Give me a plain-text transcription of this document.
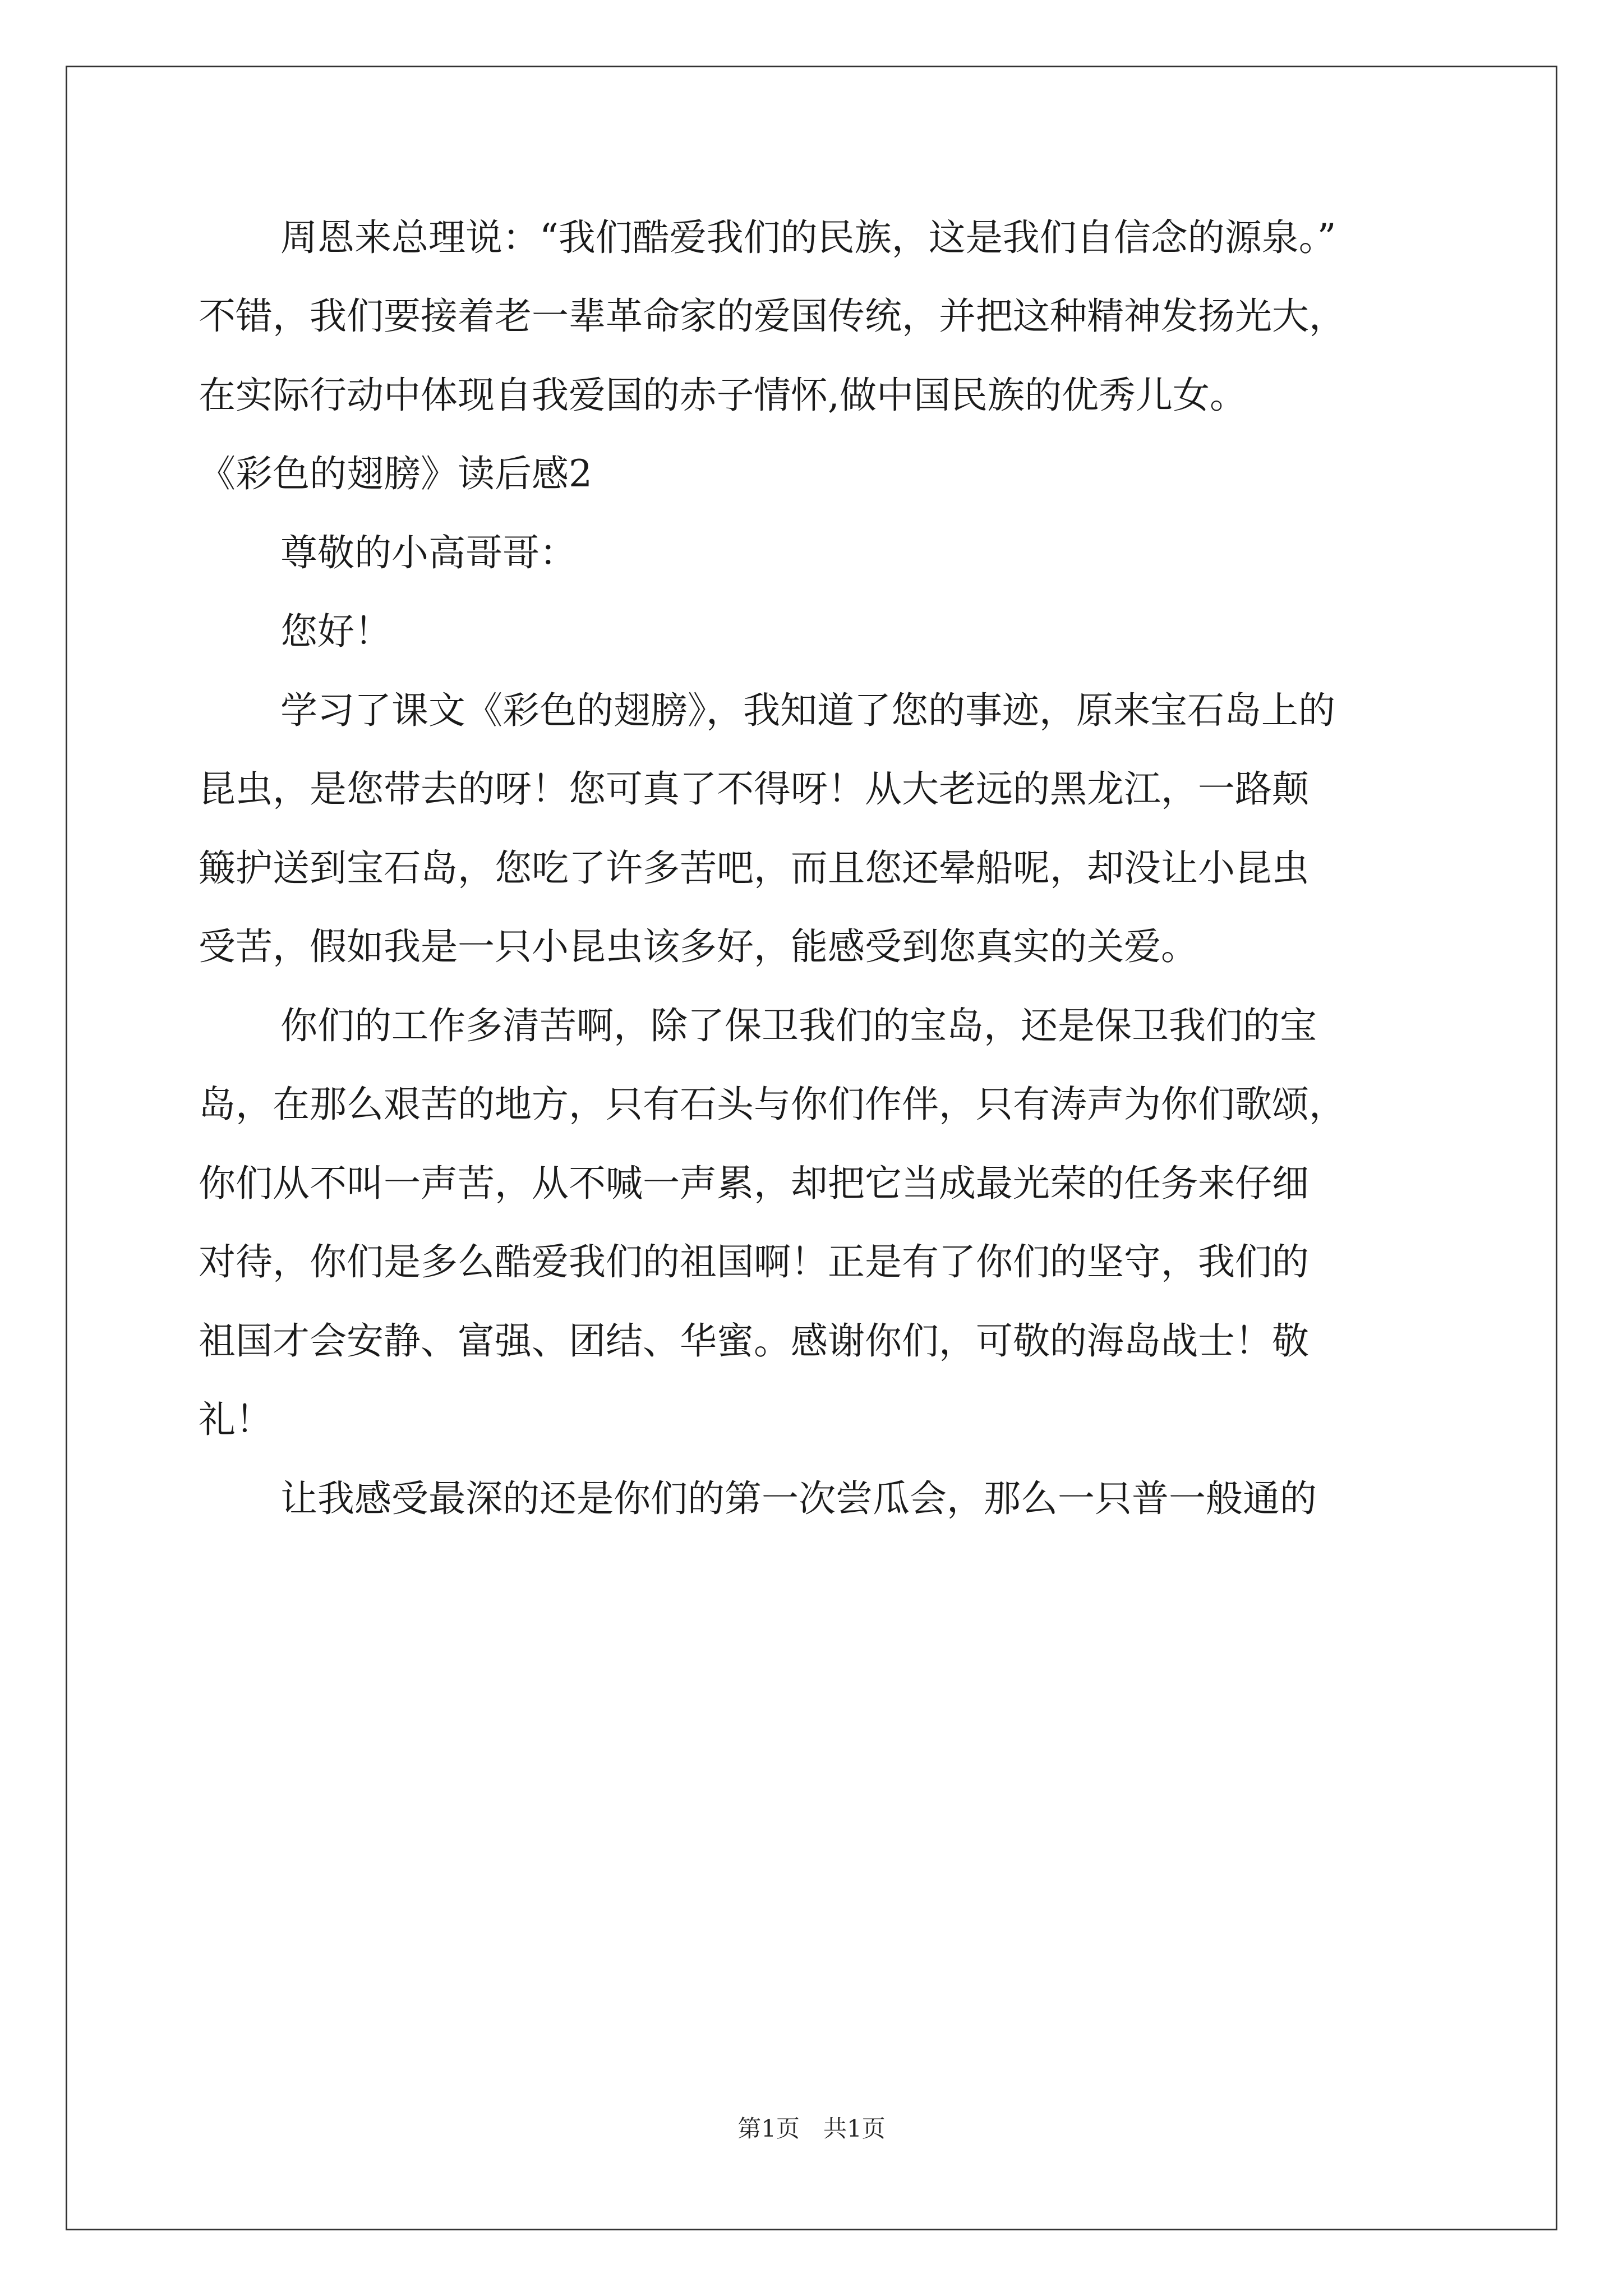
周恩来总理说：“我们酷爱我们的民族，这是我们自信念的源泉。”

不错，我们要接着老一辈革命家的爱国传统，并把这种精神发扬光大，

在实际行动中体现自我爱国的赤子情怀,做中国民族的优秀儿女。

《彩色的翅膀》读后感2

尊敬的小高哥哥：

您好！

学习了课文《彩色的翅膀》，我知道了您的事迹，原来宝石岛上的

昆虫，是您带去的呀！您可真了不得呀！从大老远的黑龙江，一路颠

簸护送到宝石岛，您吃了许多苦吧，而且您还晕船呢，却没让小昆虫

受苦，假如我是一只小昆虫该多好，能感受到您真实的关爱。

你们的工作多清苦啊，除了保卫我们的宝岛，还是保卫我们的宝

岛，在那么艰苦的地方，只有石头与你们作伴，只有涛声为你们歌颂，

你们从不叫一声苦，从不喊一声累，却把它当成最光荣的任务来仔细

对待，你们是多么酷爱我们的祖国啊！正是有了你们的坚守，我们的

祖国才会安静、富强、团结、华蜜。感谢你们，可敬的海岛战士！敬

礼！

让我感受最深的还是你们的第一次尝瓜会，那么一只普一般通的

第1页　共1页
